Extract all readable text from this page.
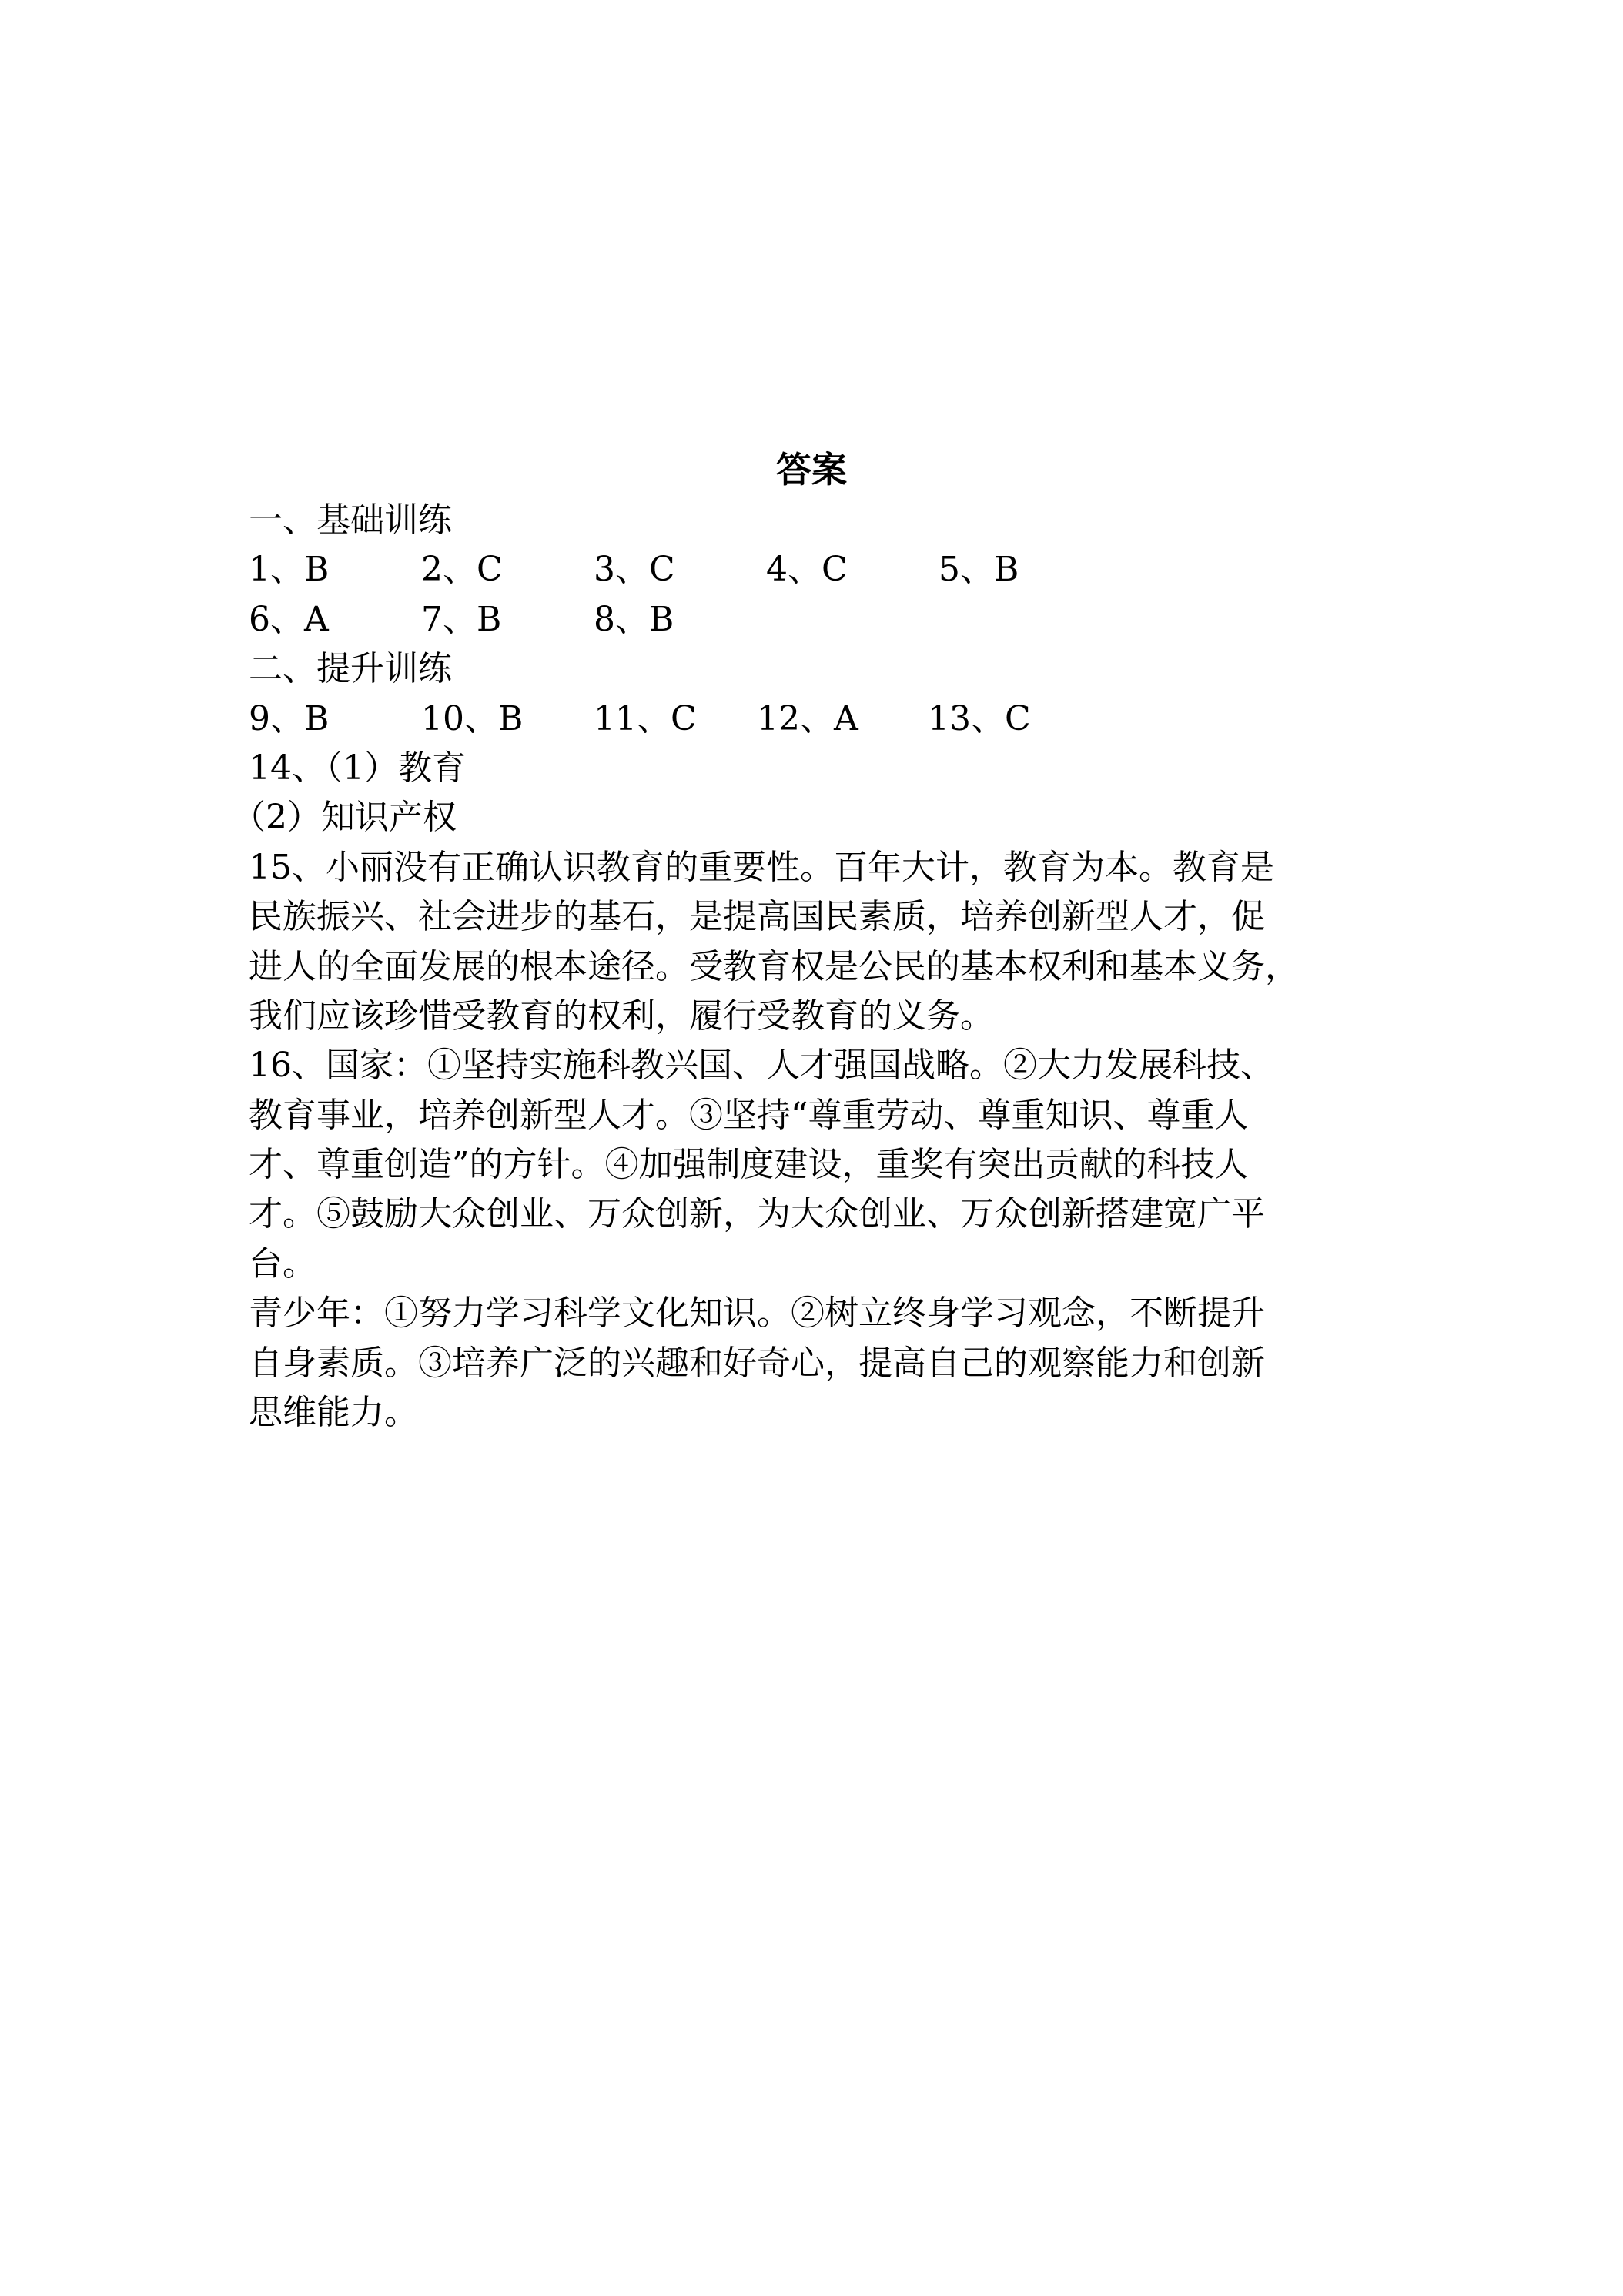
答案
一、基础训练
1、B	2、C	3、C	4、C	5、B
6、A	7、B	8、B
二、提升训练
9、B	10、B	11、C	12、A	13、C
14、（1）教育
（2）知识产权
15、小丽没有正确认识教育的重要性。百年大计，教育为本。教育是
民族振兴、社会进步的基石，是提高国民素质，培养创新型人才，促
进人的全面发展的根本途径。受教育权是公民的基本权利和基本义务，
我们应该珍惜受教育的权利，履行受教育的义务。
16、国家：①坚持实施科教兴国、人才强国战略。②大力发展科技、
教育事业，培养创新型人才。③坚持“尊重劳动、尊重知识、尊重人
才、尊重创造”的方针。④加强制度建设，重奖有突出贡献的科技人
才。⑤鼓励大众创业、万众创新，为大众创业、万众创新搭建宽广平
台。
青少年：①努力学习科学文化知识。②树立终身学习观念，不断提升
自身素质。③培养广泛的兴趣和好奇心，提高自己的观察能力和创新
思维能力。
